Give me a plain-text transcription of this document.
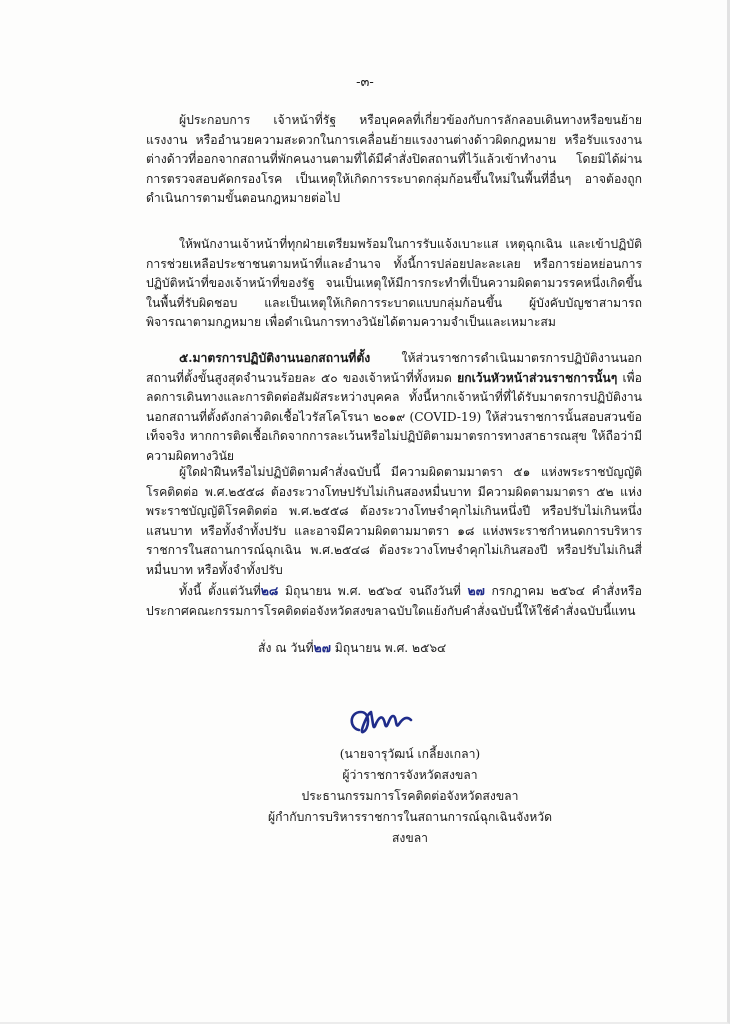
-๓-

ผู้ประกอบการ เจ้าหน้าที่รัฐ หรือบุคคลที่เกี่ยวข้องกับการลักลอบเดินทางหรือขนย้ายแรงงาน หรืออำนวยความสะดวกในการเคลื่อนย้ายแรงงานต่างด้าวผิดกฎหมาย หรือรับแรงงานต่างด้าวที่ออกจากสถานที่พักคนงานตามที่ได้มีคำสั่งปิดสถานที่ไว้แล้วเข้าทำงาน โดยมิได้ผ่านการตรวจสอบคัดกรองโรค เป็นเหตุให้เกิดการระบาดกลุ่มก้อนขึ้นใหม่ในพื้นที่อื่นๆ อาจต้องถูกดำเนินการตามขั้นตอนกฎหมายต่อไป

ให้พนักงานเจ้าหน้าที่ทุกฝ่ายเตรียมพร้อมในการรับแจ้งเบาะแส เหตุฉุกเฉิน และเข้าปฏิบัติการช่วยเหลือประชาชนตามหน้าที่และอำนาจ ทั้งนี้การปล่อยปละละเลย หรือการย่อหย่อนการปฏิบัติหน้าที่ของเจ้าหน้าที่ของรัฐ จนเป็นเหตุให้มีการกระทำที่เป็นความผิดตามวรรคหนึ่งเกิดขึ้นในพื้นที่รับผิดชอบ และเป็นเหตุให้เกิดการระบาดแบบกลุ่มก้อนขึ้น ผู้บังคับบัญชาสามารถพิจารณาตามกฎหมาย เพื่อดำเนินการทางวินัยได้ตามความจำเป็นและเหมาะสม

๕.มาตรการปฏิบัติงานนอกสถานที่ตั้ง ให้ส่วนราชการดำเนินมาตรการปฏิบัติงานนอกสถานที่ตั้งขั้นสูงสุดจำนวนร้อยละ ๕๐ ของเจ้าหน้าที่ทั้งหมด ยกเว้นหัวหน้าส่วนราชการนั้นๆ เพื่อลดการเดินทางและการติดต่อสัมผัสระหว่างบุคคล ทั้งนี้หากเจ้าหน้าที่ที่ได้รับมาตรการปฏิบัติงานนอกสถานที่ตั้งดังกล่าวติดเชื้อไวรัสโคโรนา ๒๐๑๙ (COVID-19) ให้ส่วนราชการนั้นสอบสวนข้อเท็จจริง หากการติดเชื้อเกิดจากการละเว้นหรือไม่ปฏิบัติตามมาตรการทางสาธารณสุข ให้ถือว่ามีความผิดทางวินัย

ผู้ใดฝ่าฝืนหรือไม่ปฏิบัติตามคำสั่งฉบับนี้ มีความผิดตามมาตรา ๕๑ แห่งพระราชบัญญัติโรคติดต่อ พ.ศ.๒๕๕๘ ต้องระวางโทษปรับไม่เกินสองหมื่นบาท มีความผิดตามมาตรา ๕๒ แห่งพระราชบัญญัติโรคติดต่อ พ.ศ.๒๕๕๘ ต้องระวางโทษจำคุกไม่เกินหนึ่งปี หรือปรับไม่เกินหนึ่งแสนบาท หรือทั้งจำทั้งปรับ และอาจมีความผิดตามมาตรา ๑๘ แห่งพระราชกำหนดการบริหารราชการในสถานการณ์ฉุกเฉิน พ.ศ.๒๕๔๘ ต้องระวางโทษจำคุกไม่เกินสองปี หรือปรับไม่เกินสี่หมื่นบาท หรือทั้งจำทั้งปรับ

ทั้งนี้ ตั้งแต่วันที่๒๘ มิถุนายน พ.ศ. ๒๕๖๔ จนถึงวันที่ ๒๗ กรกฎาคม ๒๕๖๔ คำสั่งหรือประกาศคณะกรรมการโรคติดต่อจังหวัดสงขลาฉบับใดแย้งกับคำสั่งฉบับนี้ให้ใช้คำสั่งฉบับนี้แทน

สั่ง ณ วันที่๒๗ มิถุนายน พ.ศ. ๒๕๖๔

(นายจารุวัฒน์ เกลี้ยงเกลา)
ผู้ว่าราชการจังหวัดสงขลา
ประธานกรรมการโรคติดต่อจังหวัดสงขลา
ผู้กำกับการบริหารราชการในสถานการณ์ฉุกเฉินจังหวัดสงขลา
